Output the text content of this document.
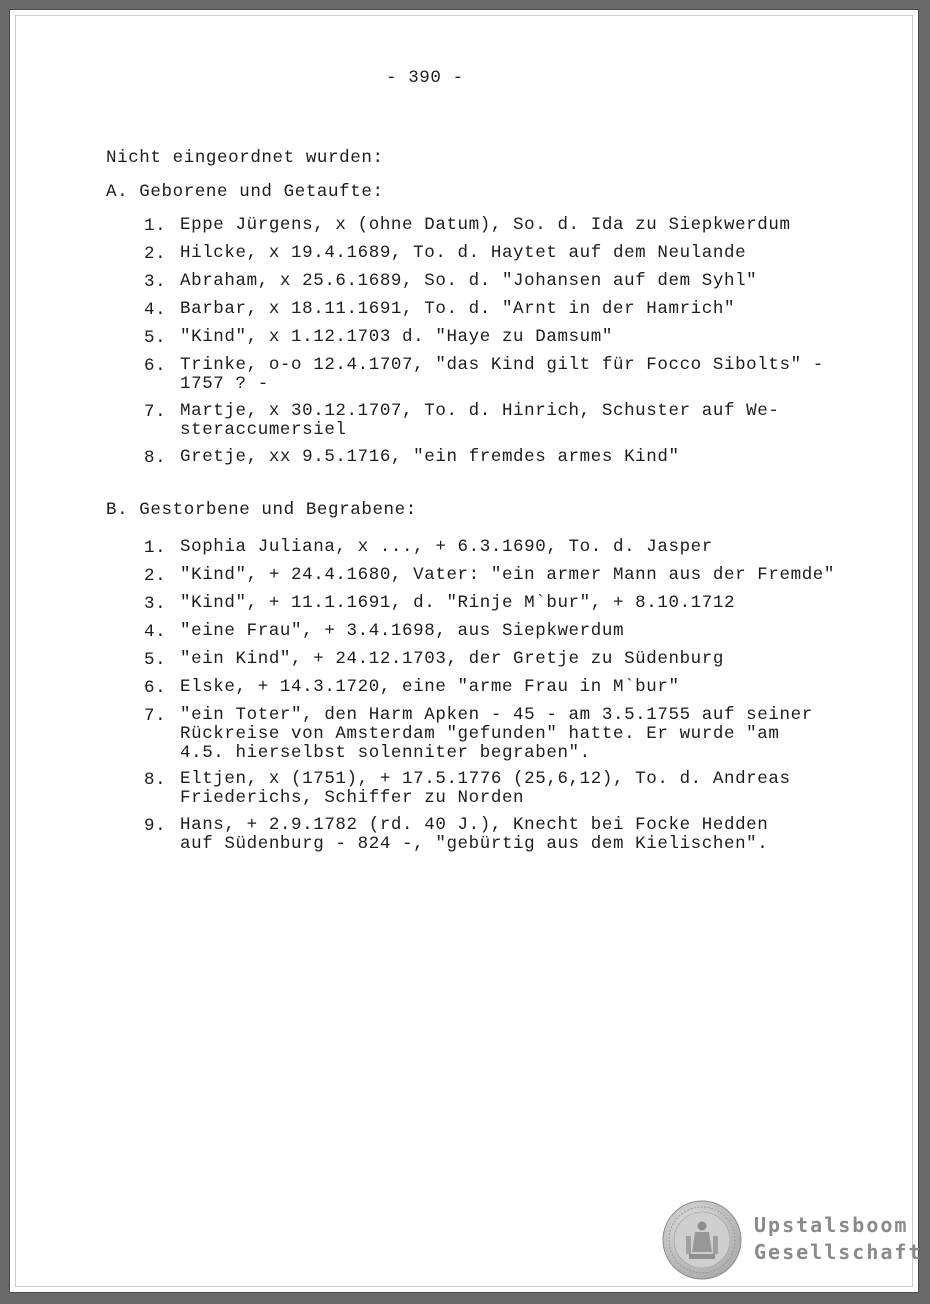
- 390 -
Nicht eingeordnet wurden:
A. Geborene und Getaufte:
1. Eppe Jürgens, x (ohne Datum), So. d. Ida zu Siepkwerdum
2. Hilcke, x 19.4.1689, To. d. Haytet auf dem Neulande
3. Abraham, x 25.6.1689, So. d. "Johansen auf dem Syhl"
4. Barbar, x 18.11.1691, To. d. "Arnt in der Hamrich"
5. "Kind", x 1.12.1703 d. "Haye zu Damsum"
6. Trinke, o-o 12.4.1707, "das Kind gilt für Focco Sibolts" -
1757 ? -
7. Martje, x 30.12.1707, To. d. Hinrich, Schuster auf We-
steraccumersiel
8. Gretje, xx 9.5.1716, "ein fremdes armes Kind"
B. Gestorbene und Begrabene:
1. Sophia Juliana, x ..., + 6.3.1690, To. d. Jasper
2. "Kind", + 24.4.1680, Vater: "ein armer Mann aus der Fremde"
3. "Kind", + 11.1.1691, d. "Rinje M`bur", + 8.10.1712
4. "eine Frau", + 3.4.1698, aus Siepkwerdum
5. "ein Kind", + 24.12.1703, der Gretje zu Südenburg
6. Elske, + 14.3.1720, eine "arme Frau in M`bur"
7. "ein Toter", den Harm Apken - 45 - am 3.5.1755 auf seiner
Rückreise von Amsterdam "gefunden" hatte. Er wurde "am
4.5. hierselbst solenniter begraben".
8. Eltjen, x (1751), + 17.5.1776 (25,6,12), To. d. Andreas
Friederichs, Schiffer zu Norden
9. Hans, + 2.9.1782 (rd. 40 J.), Knecht bei Focke Hedden
auf Südenburg - 824 -, "gebürtig aus dem Kielischen".
Upstalsboom
Gesellschaft
